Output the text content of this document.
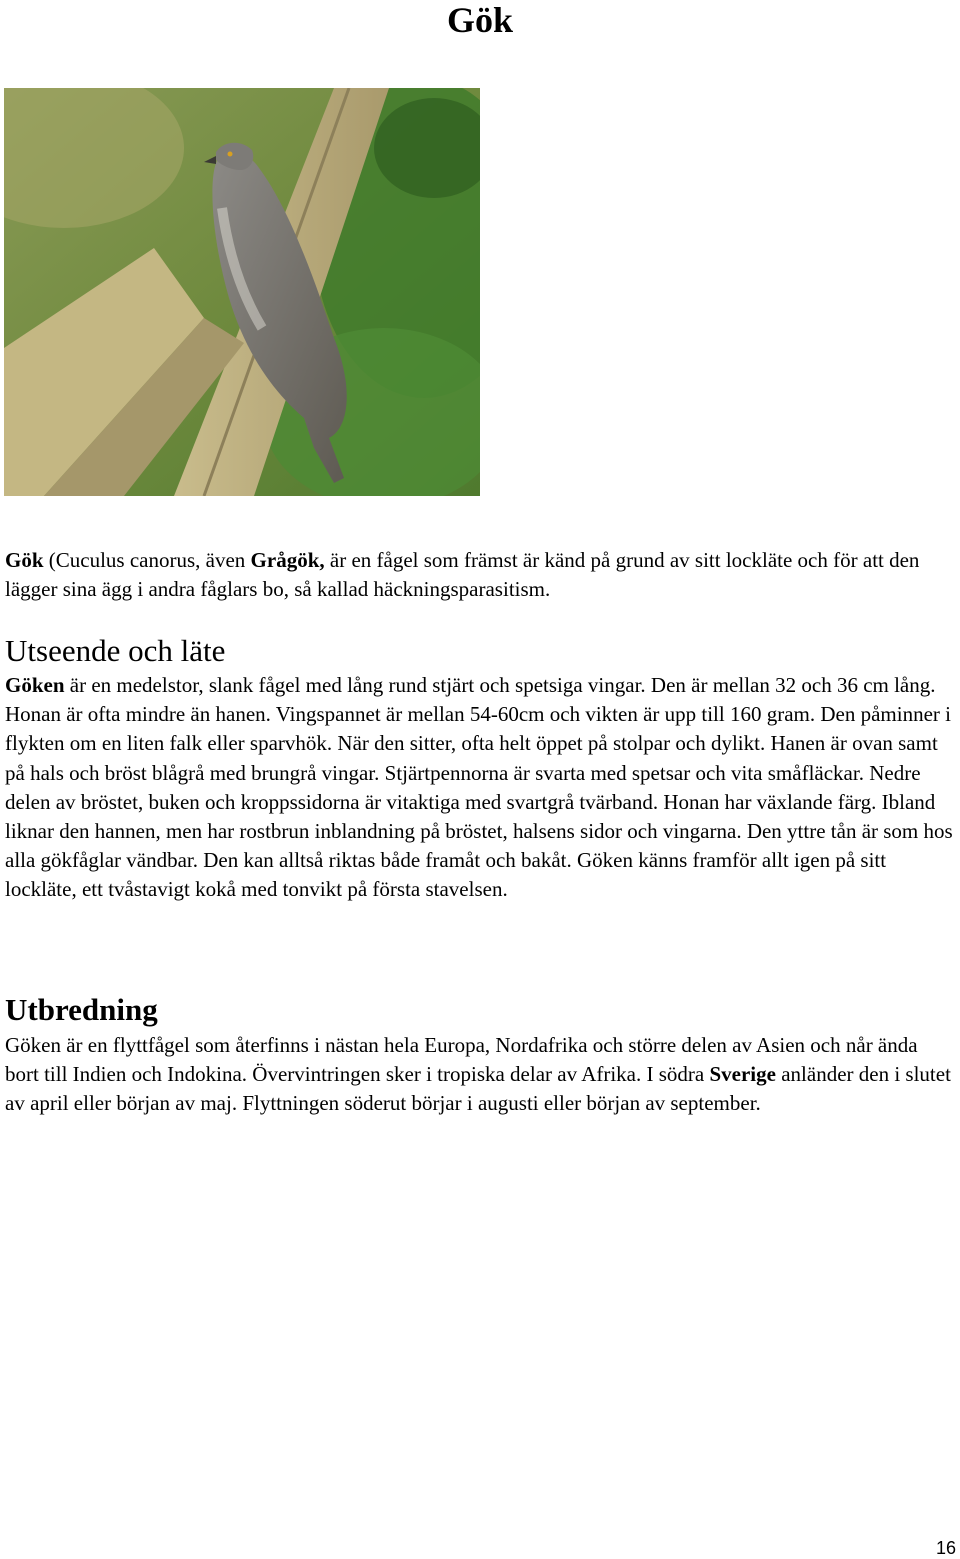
Gök

Gök (Cuculus canorus, även Grågök, är en fågel som främst är känd på grund av sitt lockläte och för att den lägger sina ägg i andra fåglars bo, så kallad häckningsparasitism.

Utseende och läte

Göken är en medelstor, slank fågel med lång rund stjärt och spetsiga vingar. Den är mellan 32 och 36 cm lång. Honan är ofta mindre än hanen. Vingspannet är mellan 54-60cm och vikten är upp till 160 gram. Den påminner i flykten om en liten falk eller sparvhök. När den sitter, ofta helt öppet på stolpar och dylikt. Hanen är ovan samt på hals och bröst blågrå med brungrå vingar. Stjärtpennorna är svarta med spetsar och vita småfläckar. Nedre delen av bröstet, buken och kroppssidorna är vitaktiga med svartgrå tvärband. Honan har växlande färg. Ibland liknar den hannen, men har rostbrun inblandning på bröstet, halsens sidor och vingarna. Den yttre tån är som hos alla gökfåglar vändbar. Den kan alltså riktas både framåt och bakåt. Göken känns framför allt igen på sitt lockläte, ett tvåstavigt kokå med tonvikt på första stavelsen.

Utbredning

Göken är en flyttfågel som återfinns i nästan hela Europa, Nordafrika och större delen av Asien och når ända bort till Indien och Indokina. Övervintringen sker i tropiska delar av Afrika. I södra Sverige anländer den i slutet av april eller början av maj. Flyttningen söderut börjar i augusti eller början av september.

16
